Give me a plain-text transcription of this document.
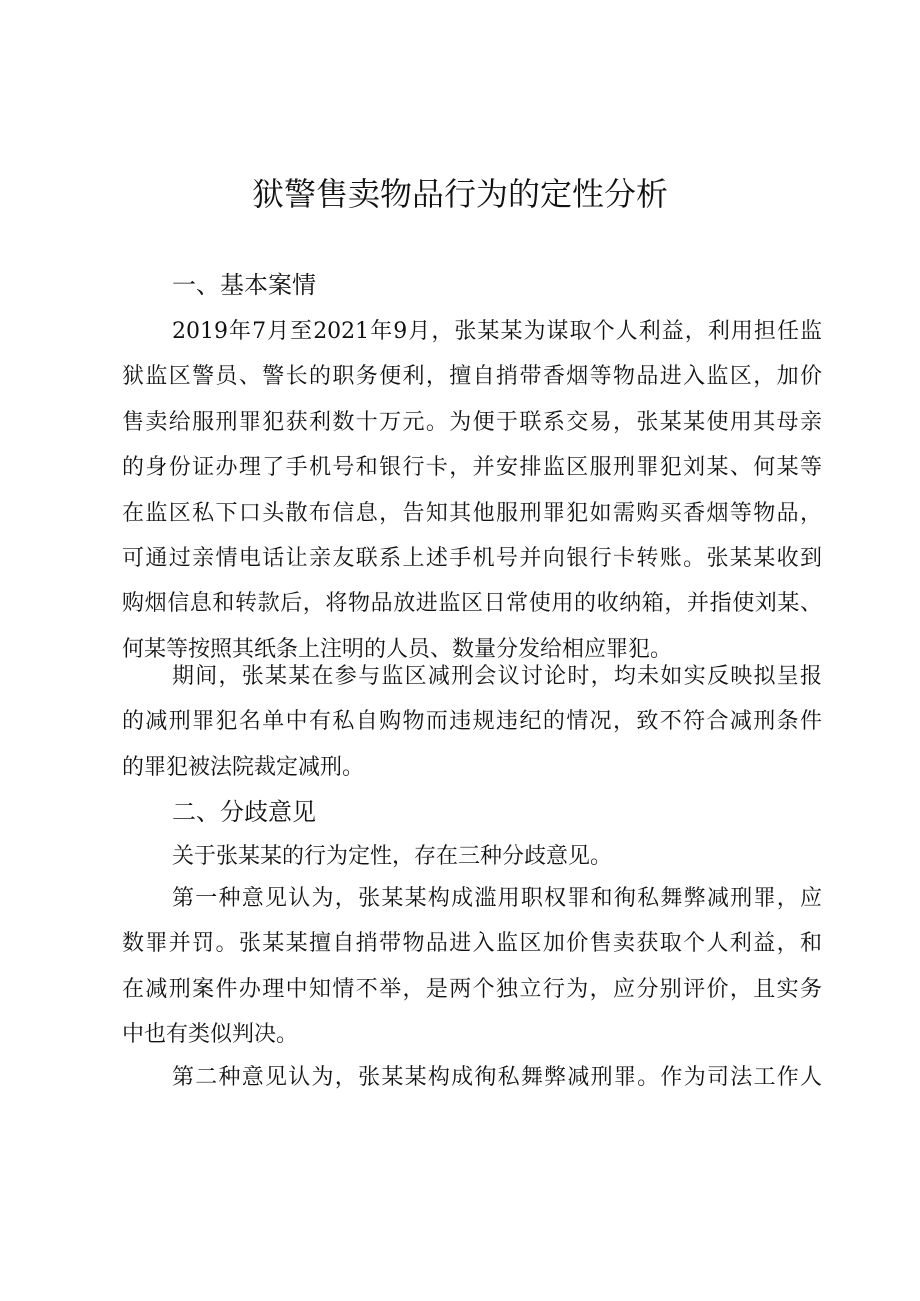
狱警售卖物品行为的定性分析
一、基本案情
2019年7月至2021年9月，张某某为谋取个人利益，利用担任监
狱监区警员、警长的职务便利，擅自捎带香烟等物品进入监区，加价
售卖给服刑罪犯获利数十万元。为便于联系交易，张某某使用其母亲
的身份证办理了手机号和银行卡，并安排监区服刑罪犯刘某、何某等
在监区私下口头散布信息，告知其他服刑罪犯如需购买香烟等物品，
可通过亲情电话让亲友联系上述手机号并向银行卡转账。张某某收到
购烟信息和转款后，将物品放进监区日常使用的收纳箱，并指使刘某、
何某等按照其纸条上注明的人员、数量分发给相应罪犯。
期间，张某某在参与监区减刑会议讨论时，均未如实反映拟呈报
的减刑罪犯名单中有私自购物而违规违纪的情况，致不符合减刑条件
的罪犯被法院裁定减刑。
二、分歧意见
关于张某某的行为定性，存在三种分歧意见。
第一种意见认为，张某某构成滥用职权罪和徇私舞弊减刑罪，应
数罪并罚。张某某擅自捎带物品进入监区加价售卖获取个人利益，和
在减刑案件办理中知情不举，是两个独立行为，应分别评价，且实务
中也有类似判决。
第二种意见认为，张某某构成徇私舞弊减刑罪。作为司法工作人
